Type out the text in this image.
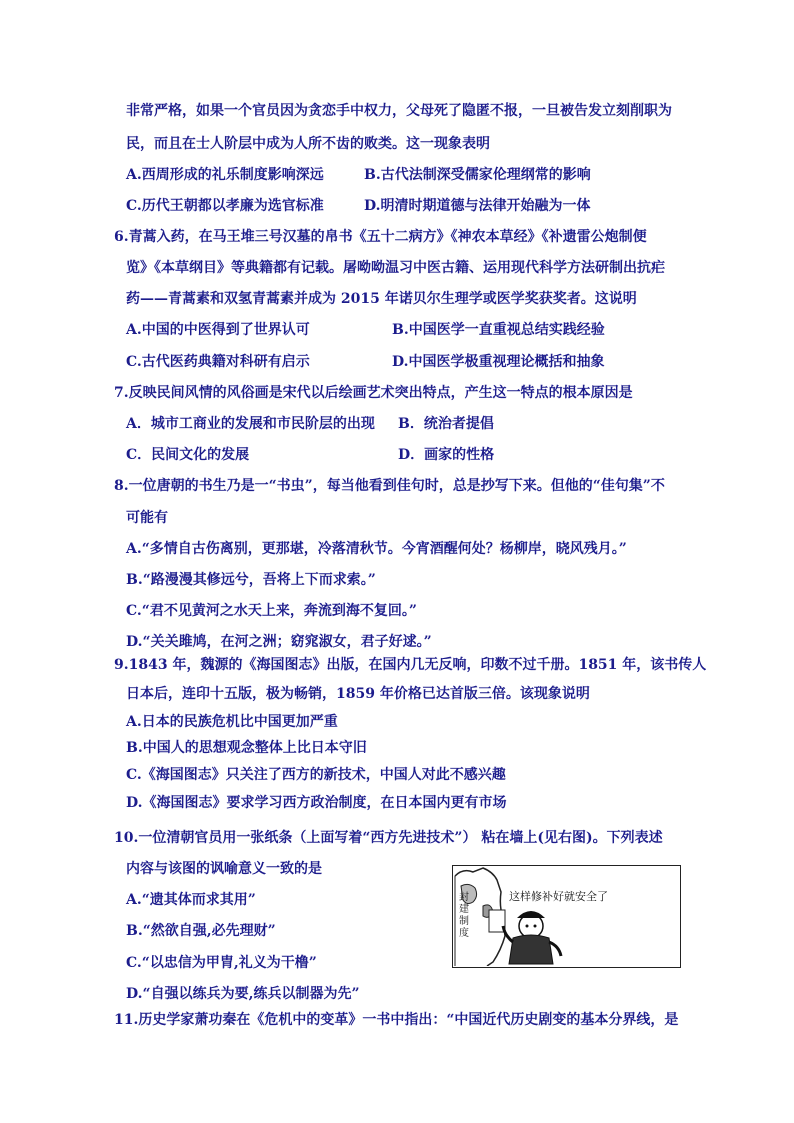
非常严格，如果一个官员因为贪恋手中权力，父母死了隐匿不报，一旦被告发立刻削职为
民，而且在士人阶层中成为人所不齿的败类。这一现象表明
A.西周形成的礼乐制度影响深远	B.古代法制深受儒家伦理纲常的影响
C.历代王朝都以孝廉为选官标准	D.明清时期道德与法律开始融为一体
6.青蒿入药，在马王堆三号汉墓的帛书《五十二病方》《神农本草经》《补遗雷公炮制便
览》《本草纲目》等典籍都有记载。屠呦呦温习中医古籍、运用现代科学方法研制出抗疟
药——青蒿素和双氢青蒿素并成为 2015 年诺贝尔生理学或医学奖获奖者。这说明
A.中国的中医得到了世界认可	B.中国医学一直重视总结实践经验
C.古代医药典籍对科研有启示	D.中国医学极重视理论概括和抽象
7.反映民间风情的风俗画是宋代以后绘画艺术突出特点，产生这一特点的根本原因是
A．城市工商业的发展和市民阶层的出现 B．统治者提倡
C．民间文化的发展	D．画家的性格
8.一位唐朝的书生乃是一“书虫”，每当他看到佳句时，总是抄写下来。但他的“佳句集”不
可能有
A.“多情自古伤离别，更那堪，冷落清秋节。今宵酒醒何处？杨柳岸，晓风残月。”
B.“路漫漫其修远兮，吾将上下而求索。”
C.“君不见黄河之水天上来，奔流到海不复回。”
D.“关关雎鸠，在河之洲；窈窕淑女，君子好逑。”
9.1843 年，魏源的《海国图志》出版，在国内几无反响，印数不过千册。1851 年，该书传人
日本后，连印十五版，极为畅销，1859 年价格已达首版三倍。该现象说明
A.日本的民族危机比中国更加严重
B.中国人的思想观念整体上比日本守旧
C.《海国图志》只关注了西方的新技术，中国人对此不感兴趣
D.《海国图志》要求学习西方政治制度，在日本国内更有市场
10.一位清朝官员用一张纸条（上面写着“西方先进技术”） 粘在墙上(见右图)。下列表述
内容与该图的讽喻意义一致的是
A.“遗其体而求其用”
B.“然欲自强,必先理财”
C.“以忠信为甲胄,礼义为干橹”
D.“自强以练兵为要,练兵以制器为先”
这样修补好就安全了
封建制度
11.历史学家萧功秦在《危机中的变革》一书中指出：“中国近代历史剧变的基本分界线，是
